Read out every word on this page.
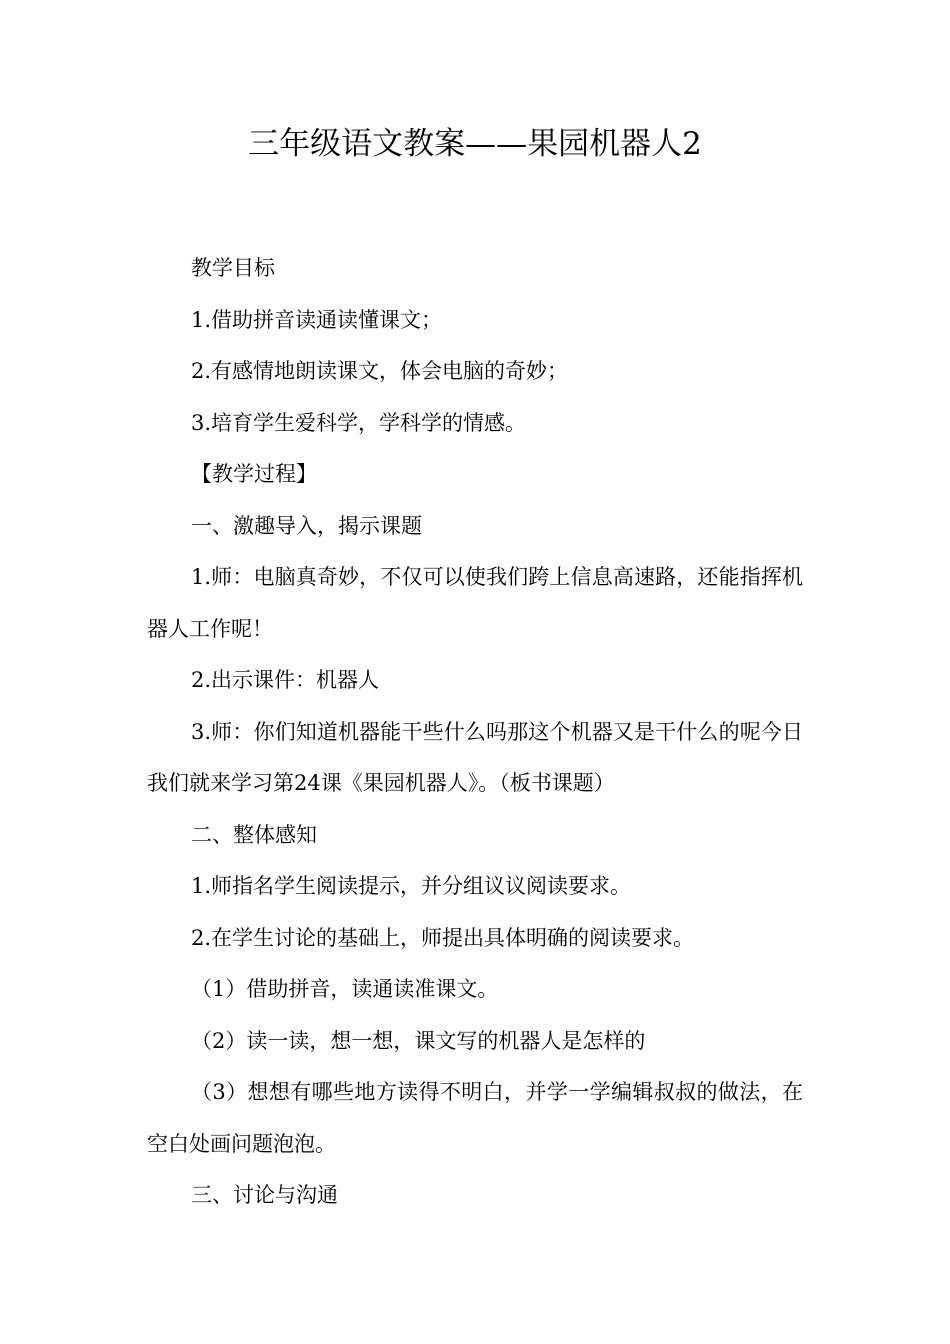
三年级语文教案——果园机器人2

教学目标

1.借助拼音读通读懂课文；

2.有感情地朗读课文，体会电脑的奇妙；

3.培育学生爱科学，学科学的情感。

【教学过程】

一、激趣导入，揭示课题

1.师：电脑真奇妙，不仅可以使我们跨上信息高速路，还能指挥机器人工作呢！

2.出示课件：机器人

3.师：你们知道机器能干些什么吗那这个机器又是干什么的呢今日我们就来学习第24课《果园机器人》。（板书课题）

二、整体感知

1.师指名学生阅读提示，并分组议议阅读要求。

2.在学生讨论的基础上，师提出具体明确的阅读要求。

（1）借助拼音，读通读准课文。

（2）读一读，想一想，课文写的机器人是怎样的

（3）想想有哪些地方读得不明白，并学一学编辑叔叔的做法，在空白处画问题泡泡。

三、讨论与沟通
